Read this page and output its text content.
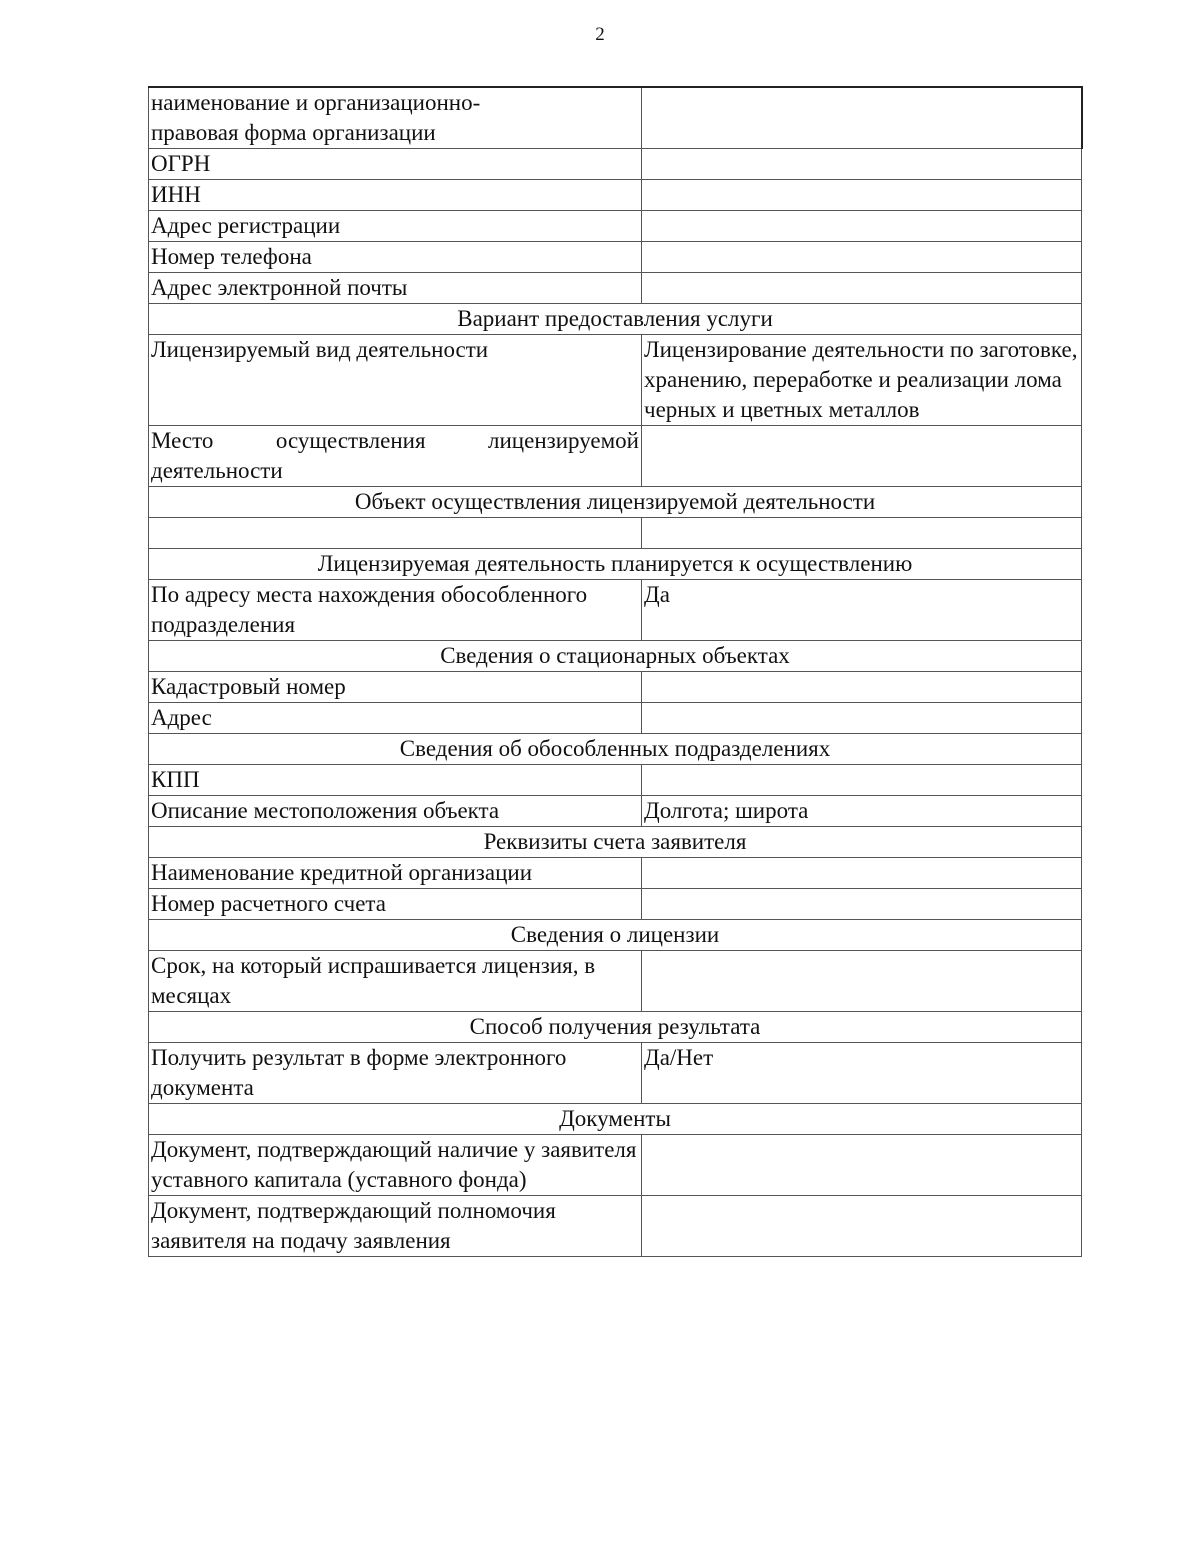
2
наименование и организационно-
правовая форма организации	
ОГРН	
ИНН	
Адрес регистрации	
Номер телефона	
Адрес электронной почты	
Вариант предоставления услуги	
Лицензируемый вид деятельности	Лицензирование деятельности по заготовке, хранению, переработке и реализации лома черных и цветных металлов
Место осуществления лицензируемой деятельности	
Объект осуществления лицензируемой деятельности	

Лицензируемая деятельность планируется к осуществлению	
По адресу места нахождения обособленного подразделения	Да
Сведения о стационарных объектах	
Кадастровый номер	
Адрес	
Сведения об обособленных подразделениях	
КПП	
Описание местоположения объекта	Долгота; широта
Реквизиты счета заявителя	
Наименование кредитной организации	
Номер расчетного счета	
Сведения о лицензии	
Срок, на который испрашивается лицензия, в месяцах	
Способ получения результата	
Получить результат в форме электронного документа	Да/Нет
Документы	
Документ, подтверждающий наличие у заявителя уставного капитала (уставного фонда)	
Документ, подтверждающий полномочия заявителя на подачу заявления	
